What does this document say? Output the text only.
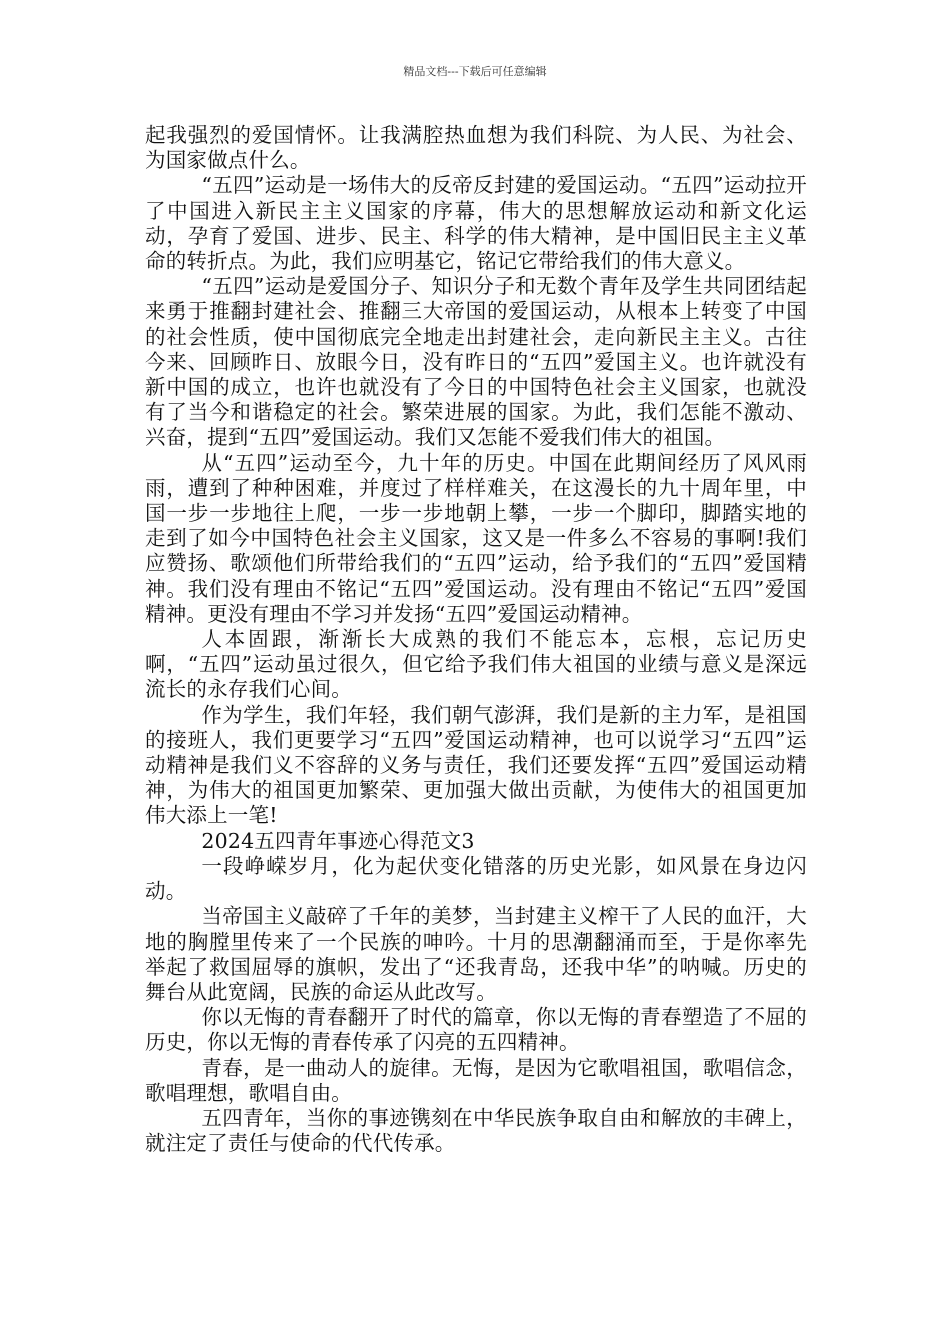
精品文档---下载后可任意编辑

起我强烈的爱国情怀。让我满腔热血想为我们科院、为人民、为社会、为国家做点什么。

“五四”运动是一场伟大的反帝反封建的爱国运动。“五四”运动拉开了中国进入新民主主义国家的序幕，伟大的思想解放运动和新文化运动，孕育了爱国、进步、民主、科学的伟大精神，是中国旧民主主义革命的转折点。为此，我们应明基它，铭记它带给我们的伟大意义。

“五四”运动是爱国分子、知识分子和无数个青年及学生共同团结起来勇于推翻封建社会、推翻三大帝国的爱国运动，从根本上转变了中国的社会性质，使中国彻底完全地走出封建社会，走向新民主主义。古往今来、回顾昨日、放眼今日，没有昨日的“五四”爱国主义。也许就没有新中国的成立，也许也就没有了今日的中国特色社会主义国家，也就没有了当今和谐稳定的社会。繁荣进展的国家。为此，我们怎能不激动、兴奋，提到“五四”爱国运动。我们又怎能不爱我们伟大的祖国。

从“五四”运动至今，九十年的历史。中国在此期间经历了风风雨雨，遭到了种种困难，并度过了样样难关，在这漫长的九十周年里，中国一步一步地往上爬，一步一步地朝上攀，一步一个脚印，脚踏实地的走到了如今中国特色社会主义国家，这又是一件多么不容易的事啊!我们应赞扬、歌颂他们所带给我们的“五四”运动，给予我们的“五四”爱国精神。我们没有理由不铭记“五四”爱国运动。没有理由不铭记“五四”爱国精神。更没有理由不学习并发扬“五四”爱国运动精神。

人本固跟，渐渐长大成熟的我们不能忘本，忘根，忘记历史啊，“五四”运动虽过很久，但它给予我们伟大祖国的业绩与意义是深远流长的永存我们心间。

作为学生，我们年轻，我们朝气澎湃，我们是新的主力军，是祖国的接班人，我们更要学习“五四”爱国运动精神，也可以说学习“五四”运动精神是我们义不容辞的义务与责任，我们还要发挥“五四”爱国运动精神，为伟大的祖国更加繁荣、更加强大做出贡献，为使伟大的祖国更加伟大添上一笔!

2024五四青年事迹心得范文3

一段峥嵘岁月，化为起伏变化错落的历史光影，如风景在身边闪动。

当帝国主义敲碎了千年的美梦，当封建主义榨干了人民的血汗，大地的胸膛里传来了一个民族的呻吟。十月的思潮翻涌而至，于是你率先举起了救国屈辱的旗帜，发出了“还我青岛，还我中华”的呐喊。历史的舞台从此宽阔，民族的命运从此改写。

你以无悔的青春翻开了时代的篇章，你以无悔的青春塑造了不屈的历史，你以无悔的青春传承了闪亮的五四精神。

青春，是一曲动人的旋律。无悔，是因为它歌唱祖国，歌唱信念，歌唱理想，歌唱自由。

五四青年，当你的事迹镌刻在中华民族争取自由和解放的丰碑上，就注定了责任与使命的代代传承。
